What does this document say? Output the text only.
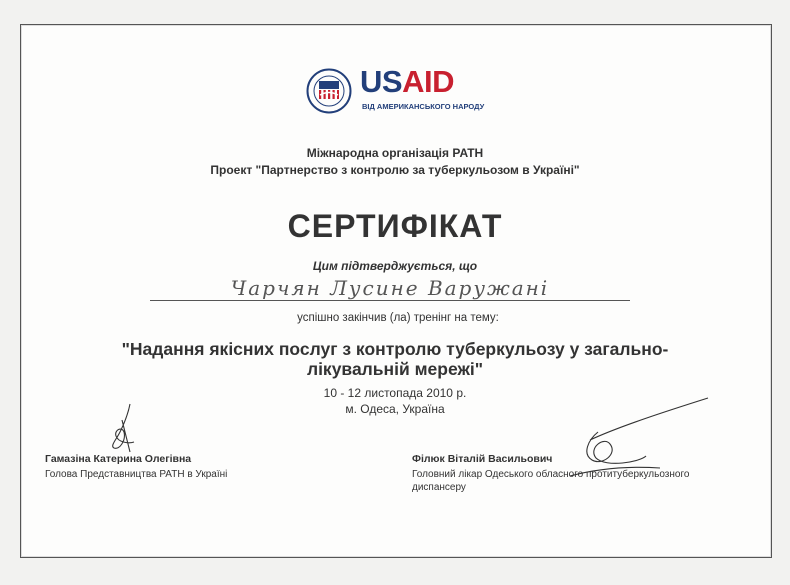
USAID
ВІД АМЕРИКАНСЬКОГО НАРОДУ
Міжнародна організація PATH
Проект "Партнерство з контролю за туберкульозом в Україні"
СЕРТИФІКАТ
Цим підтверджується, що
Чарчян Лусине Варужані
успішно закінчив (ла) тренінг на тему:
"Надання якісних послуг з контролю туберкульозу у загально-
лікувальній мережі"
10 - 12 листопада 2010 р.
м. Одеса, Україна
Гамазіна Катерина Олегівна
Голова Представництва PATH в Україні
Філюк Віталій Васильович
Головний лікар Одеського обласного протитуберкульозного
диспансеру
